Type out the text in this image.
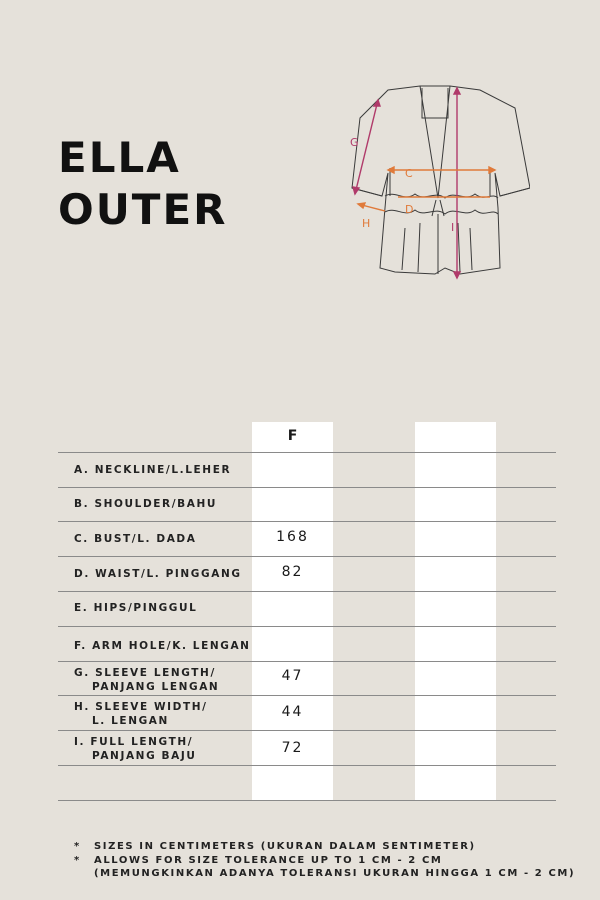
ELLA
OUTER
G
C
D
H	I
F
A. NECKLINE/L.LEHER
B. SHOULDER/BAHU
C. BUST/L. DADA
D. WAIST/L. PINGGANG
E. HIPS/PINGGUL
F. ARM HOLE/K. LENGAN
G. SLEEVE LENGTH/
PANJANG LENGAN
H. SLEEVE WIDTH/
L. LENGAN
I. FULL LENGTH/
PANJANG BAJU
168
82
47
44
72
* SIZES IN CENTIMETERS (UKURAN DALAM SENTIMETER)
* ALLOWS FOR SIZE TOLERANCE UP TO 1 CM - 2 CM
(MEMUNGKINKAN ADANYA TOLERANSI UKURAN HINGGA 1 CM - 2 CM)
